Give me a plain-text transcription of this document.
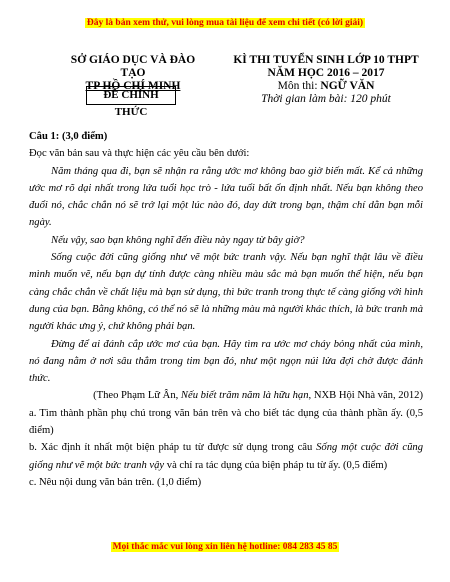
Đây là bản xem thử, vui lòng mua tài liệu để xem chi tiết (có lời giải)
SỞ GIÁO DỤC VÀ ĐÀO TẠO
TP HỒ CHÍ MINH
ĐỀ CHÍNH THỨC
KÌ THI TUYỂN SINH LỚP 10 THPT
NĂM HỌC 2016 – 2017
Môn thi: NGỮ VĂN
Thời gian làm bài: 120 phút

Câu 1: (3,0 điểm)

Đọc văn bản sau và thực hiện các yêu cầu bên dưới:

Năm tháng qua đi, bạn sẽ nhận ra rằng ước mơ không bao giờ biến mất. Kể cả những ước mơ rõ dại nhất trong lứa tuổi học trò - lứa tuổi bất ổn định nhất. Nếu bạn không theo đuổi nó, chắc chắn nó sẽ trở lại một lúc nào đó, day dứt trong bạn, thậm chí dằn bạn mỗi ngày.

Nếu vậy, sao bạn không nghĩ đến điều này ngay từ bây giờ?

Sống cuộc đời cũng giống như vẽ một bức tranh vậy. Nếu bạn nghĩ thật lâu về điều mình muốn vẽ, nếu bạn dự tính được càng nhiều màu sắc mà bạn muốn thể hiện, nếu bạn càng chắc chắn về chất liệu mà bạn sử dụng, thì bức tranh trong thực tế càng giống với hình dung của bạn. Bằng không, có thể nó sẽ là những màu mà người khác thích, là bức tranh mà người khác ưng ý, chứ không phải bạn.

Đừng để ai đánh cắp ước mơ của bạn. Hãy tìm ra ước mơ cháy bỏng nhất của mình, nó đang nằm ở nơi sâu thẳm trong tim bạn đó, như một ngọn núi lửa đợi chờ được đánh thức.

(Theo Phạm Lữ Ân, Nếu biết trăm năm là hữu hạn, NXB Hội Nhà văn, 2012)

a. Tìm thành phần phụ chú trong văn bản trên và cho biết tác dụng của thành phần ấy. (0,5 điểm)

b. Xác định ít nhất một biện pháp tu từ được sử dụng trong câu Sống một cuộc đời cũng giống như vẽ một bức tranh vậy và chỉ ra tác dụng của biện pháp tu từ ấy. (0,5 điểm)

c. Nêu nội dung văn bản trên. (1,0 điểm)

Mọi thắc mắc vui lòng xin liên hệ hotline: 084 283 45 85
